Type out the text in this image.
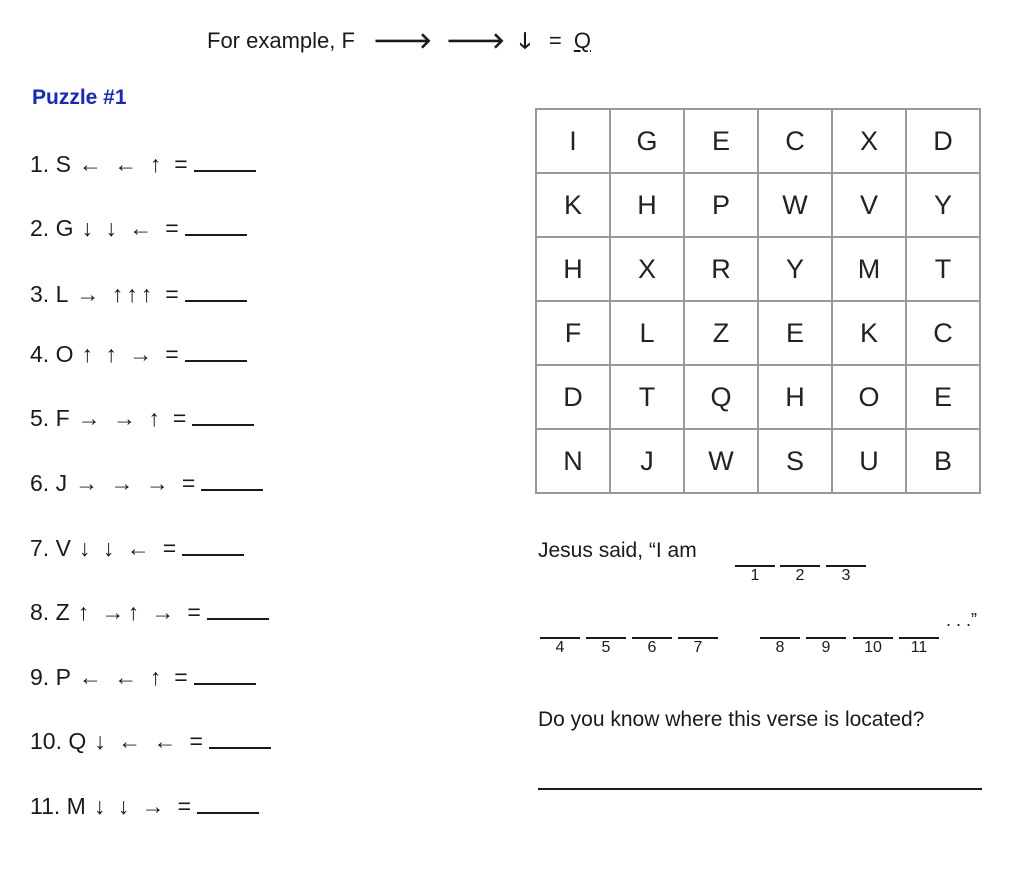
For example, F 🡒 🡒 🡓 = Q
Puzzle #1
1. S ← ← ↑ =
2. G ↓ ↓ ← =
3. L → ↑↑↑ =
4. O ↑ ↑ → =
5. F → → ↑ =
6. J → → → =
7. V ↓ ↓ ← =
8. Z ↑ →↑ → =
9. P ← ← ↑ =
10. Q ↓ ← ← =
11. M ↓ ↓ → =
I	G	E	C	X	D
K	H	P	W	V	Y
H	X	R	Y	M	T
F	L	Z	E	K	C
D	T	Q	H	O	E
N	J	W	S	U	B
Jesus said, “I am
1	2	3
4	5	6	7	8	9	10	11
. . .”
Do you know where this verse is located?
